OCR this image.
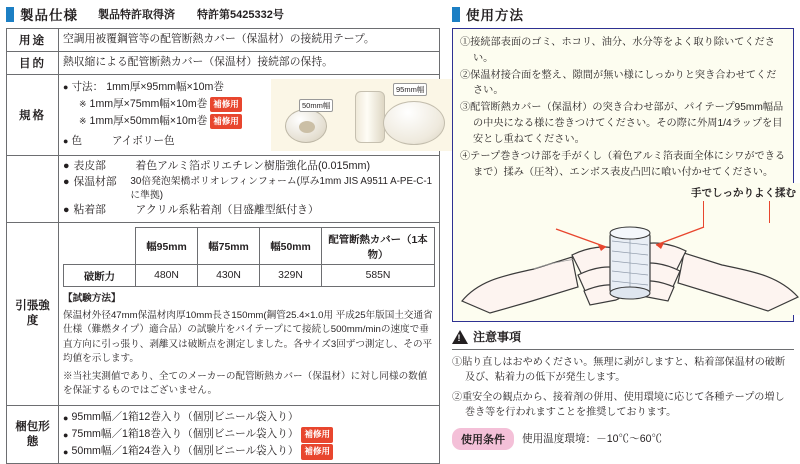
製品仕様 製品特許取得済 特許第5425332号
用途	空調用被覆鋼管等の配管断熱カバー（保温材）の接続用テープ。

目的	熱収縮による配管断熱カバー（保温材）接続部の保持。

規格	
● 寸法： 1mm厚×95mm幅×10m巻
※ 1mm厚×75mm幅×10m巻 補修用
※ 1mm厚×50mm幅×10m巻 補修用
● 色	アイボリー色
95mm幅
50mm幅

● 表皮部	着色アルミ箔ポリエチレン樹脂強化品(0.015mm)
● 保温材部	30倍発泡架橋ポリオレフィンフォーム(厚み1mm JIS A9511 A-PE-C-1に準拠)
● 粘着部	アクリル系粘着剤（目盛離型紙付き）

引張強度	
	幅95mm	幅75mm	幅50mm	配管断熱カバー（1本物）
破断力	480N	430N	329N	585N

【試験方法】

保温材外径47mm保温材肉厚10mm長さ150mm(鋼管25.4×1.0用 平成25年版国土交通省仕様（難燃タイプ）適合品）の試験片をパイテープにて接続し500mm/minの速度で垂直方向に引っ張り、剥離又は破断点を測定しました。各サイズ3回ずつ測定し、その平均値を示します。

※当社実測値であり、全てのメーカーの配管断熱カバー（保温材）に対し同様の数値を保証するものではございません。

梱包形態	
● 95mm幅／1箱12巻入り（個別ビニール袋入り）
● 75mm幅／1箱18巻入り（個別ビニール袋入り） 補修用
● 50mm幅／1箱24巻入り（個別ビニール袋入り） 補修用
使用方法
①接続部表面のゴミ、ホコリ、油分、水分等をよく取り除いてください。
②保温材接合面を整え、隙間が無い様にしっかりと突き合わせてください。
③配管断熱カバー（保温材）の突き合わせ部が、パイテープ95mm幅品の中央になる様に巻きつけてください。その際に外周1/4ラップを目安とし重ねてください。
④テープ巻きつけ部を手がくし（着色アルミ箔表面全体にシワができるまで）揉み（圧착）、エンボス表皮凸凹に喰い付かせてください。
手でしっかりよく揉む
!
注意事項
①貼り直しはおやめください。無理に剥がしますと、粘着部保温材の破断及び、粘着力の低下が発生します。
②重安全の観点から、接着剤の併用、使用環境に応じて各種テープの増し巻き等を行われますことを推奨しております。
使用条件	使用温度環境：－10℃～60℃
